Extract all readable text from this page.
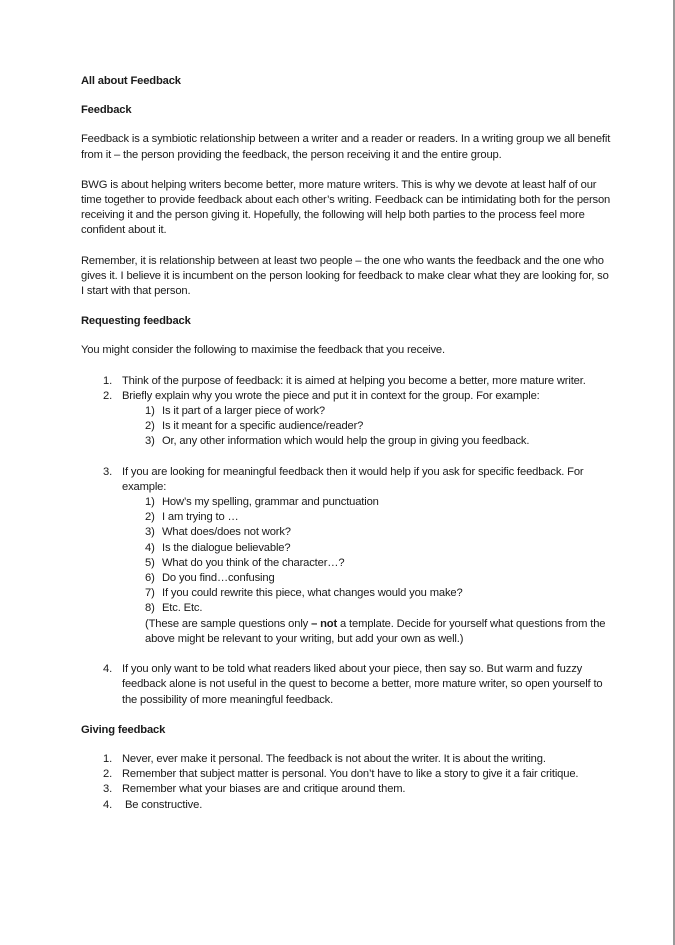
All about Feedback

Feedback

Feedback is a symbiotic relationship between a writer and a reader or readers. In a writing group we all benefit from it – the person providing the feedback, the person receiving it and the entire group.

BWG is about helping writers become better, more mature writers. This is why we devote at least half of our time together to provide feedback about each other’s writing. Feedback can be intimidating both for the person receiving it and the person giving it. Hopefully, the following will help both parties to the process feel more confident about it.

Remember, it is relationship between at least two people – the one who wants the feedback and the one who gives it. I believe it is incumbent on the person looking for feedback to make clear what they are looking for, so I start with that person.

Requesting feedback

You might consider the following to maximise the feedback that you receive.

1. Think of the purpose of feedback: it is aimed at helping you become a better, more mature writer.
2. Briefly explain why you wrote the piece and put it in context for the group. For example:
1) Is it part of a larger piece of work?
2) Is it meant for a specific audience/reader?
3) Or, any other information which would help the group in giving you feedback.
3. If you are looking for meaningful feedback then it would help if you ask for specific feedback. For example:
1) How’s my spelling, grammar and punctuation
2) I am trying to …
3) What does/does not work?
4) Is the dialogue believable?
5) What do you think of the character…?
6) Do you find…confusing
7) If you could rewrite this piece, what changes would you make?
8) Etc. Etc.
(These are sample questions only – not a template. Decide for yourself what questions from the above might be relevant to your writing, but add your own as well.)
4. If you only want to be told what readers liked about your piece, then say so. But warm and fuzzy feedback alone is not useful in the quest to become a better, more mature writer, so open yourself to the possibility of more meaningful feedback.

Giving feedback

1. Never, ever make it personal. The feedback is not about the writer. It is about the writing.
2. Remember that subject matter is personal. You don’t have to like a story to give it a fair critique.
3. Remember what your biases are and critique around them.
4. Be constructive.
